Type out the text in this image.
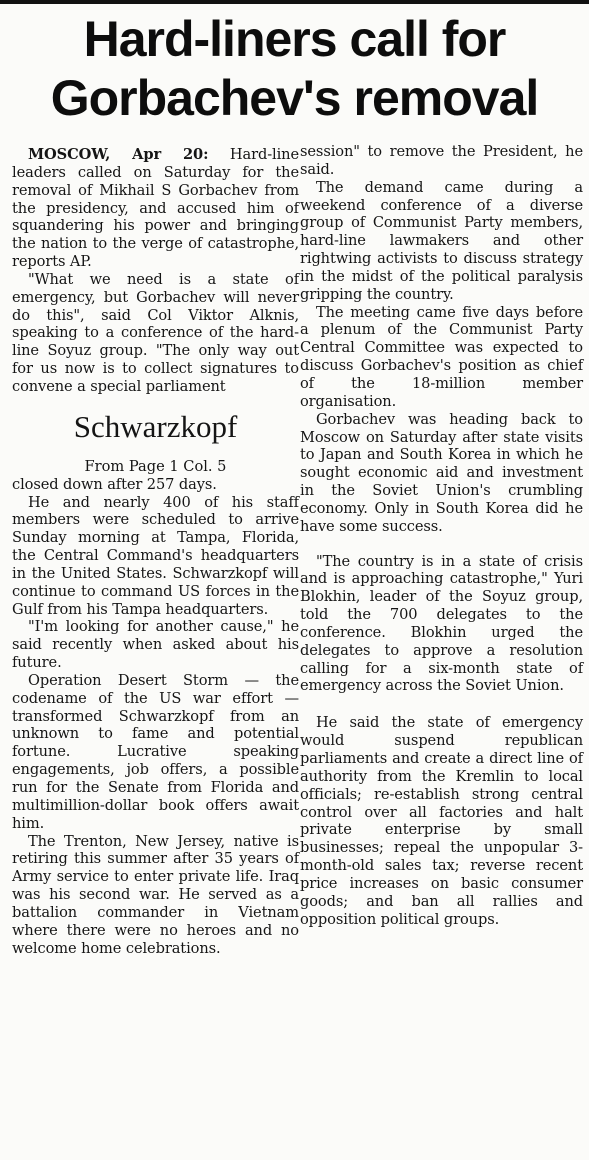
Hard-liners call for
Gorbachev's removal

MOSCOW, Apr 20: Hard-line leaders called on Saturday for the removal of Mikhail S Gorbachev from the presidency, and accused him of squandering his power and bringing the nation to the verge of catastrophe, reports AP.

"What we need is a state of emergency, but Gorbachev will never do this", said Col Viktor Alknis, speaking to a conference of the hard-line Soyuz group. "The only way out for us now is to collect signatures to convene a special parliament

Schwarzkopf
From Page 1 Col. 5

closed down after 257 days.

He and nearly 400 of his staff members were scheduled to arrive Sunday morning at Tampa, Florida, the Central Command's headquarters in the United States. Schwarzkopf will continue to command US forces in the Gulf from his Tampa headquarters.

"I'm looking for another cause," he said recently when asked about his future.

Operation Desert Storm — the codename of the US war effort —transformed Schwarzkopf from an unknown to fame and potential fortune. Lucrative speaking engagements, job offers, a possible run for the Senate from Florida and multimillion-dollar book offers await him.

The Trenton, New Jersey, native is retiring this summer after 35 years of Army service to enter private life. Iraq was his second war. He served as a battalion commander in Vietnam where there were no heroes and no welcome home celebrations.

session" to remove the President, he said.

The demand came during a weekend conference of a diverse group of Communist Party members, hard-line lawmakers and other rightwing activists to discuss strategy in the midst of the political paralysis gripping the country.

The meeting came five days before a plenum of the Communist Party Central Committee was expected to discuss Gorbachev's position as chief of the 18-million member organisation.

Gorbachev was heading back to Moscow on Saturday after state visits to Japan and South Korea in which he sought economic aid and investment in the Soviet Union's crumbling economy. Only in South Korea did he have some success.

"The country is in a state of crisis and is approaching catastrophe," Yuri Blokhin, leader of the Soyuz group, told the 700 delegates to the conference. Blokhin urged the delegates to approve a resolution calling for a six-month state of emergency across the Soviet Union.

He said the state of emergency would suspend republican parliaments and create a direct line of authority from the Kremlin to local officials; re-establish strong central control over all factories and halt private enterprise by small businesses; repeal the unpopular 3-month-old sales tax; reverse recent price increases on basic consumer goods; and ban all rallies and opposition political groups.
